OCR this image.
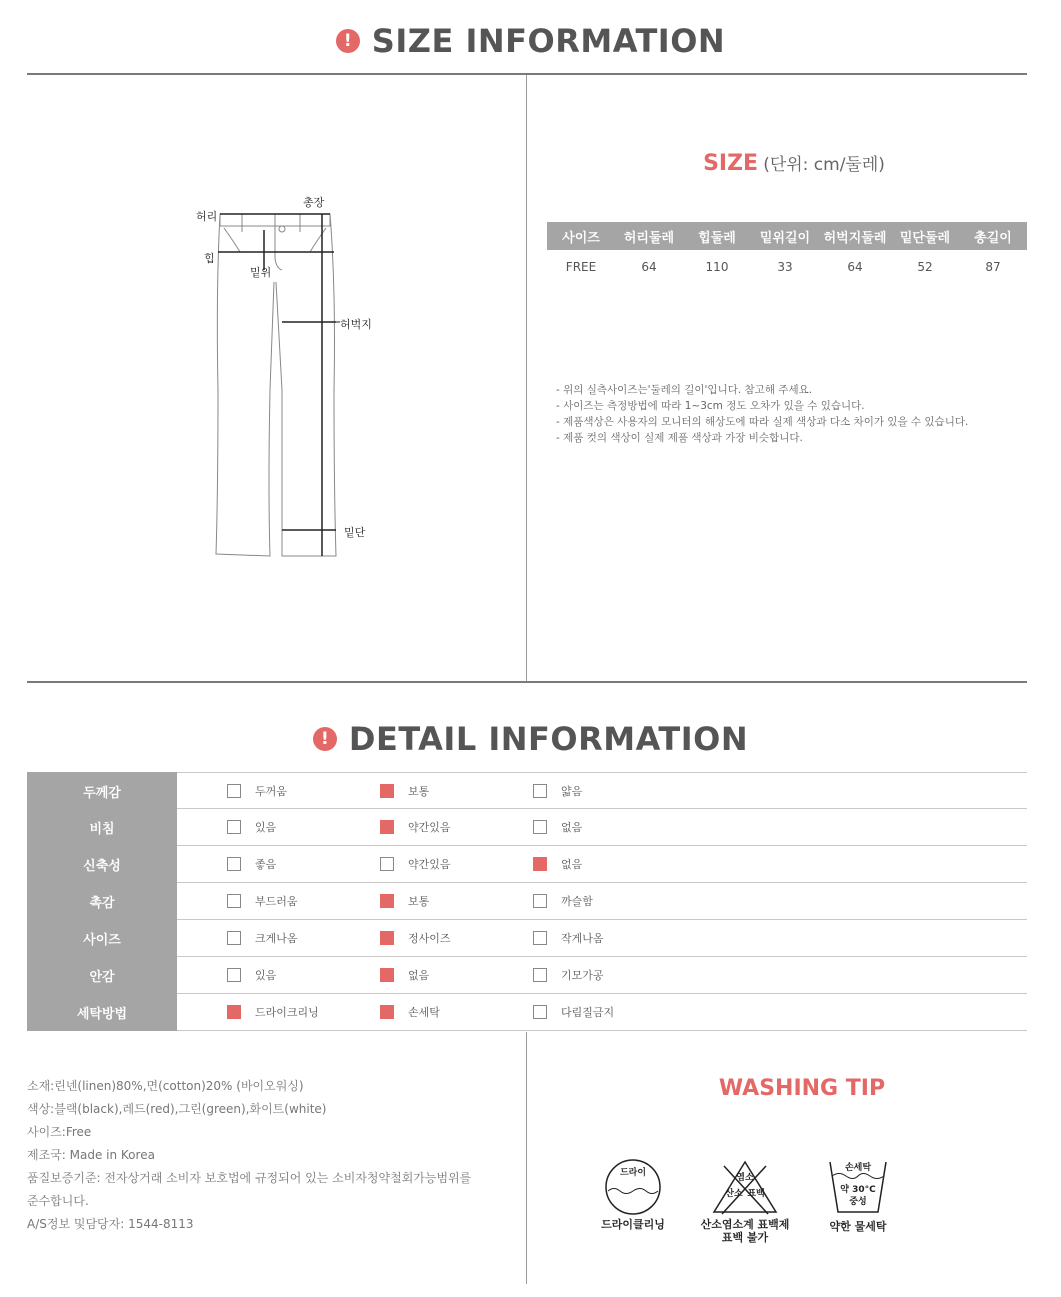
! SIZE INFORMATION
총장
허리
힙
밑위
허벅지
밑단
SIZE (단위: cm/둘레)
사이즈	허리둘레	힙둘레	밑위길이	허벅지둘레	밑단둘레	총길이
FREE	64	110	33	64	52	87
- 위의 실측사이즈는'둘레의 길이'입니다. 참고해 주세요.
- 사이즈는 측정방법에 따라 1~3cm 정도 오차가 있을 수 있습니다.
- 제품색상은 사용자의 모니터의 해상도에 따라 실제 색상과 다소 차이가 있을 수 있습니다.
- 제품 컷의 색상이 실제 제품 색상과 가장 비슷합니다.
! DETAIL INFORMATION
두께감	두꺼움	보통	얇음
비침	있음	약간있음	없음
신축성	좋음	약간있음	없음
촉감	부드러움	보통	까슬함
사이즈	크게나옴	정사이즈	작게나옴
안감	있음	없음	기모가공
세탁방법	드라이크리닝	손세탁	다림질금지
소재:린넨(linen)80%,면(cotton)20% (바이오워싱)
색상:블랙(black),레드(red),그린(green),화이트(white)
사이즈:Free
제조국: Made in Korea
품질보증기준: 전자상거래 소비자 보호법에 규정되어 있는 소비자청약철회가능범위를
준수합니다.
A/S정보 및담당자: 1544-8113
WASHING TIP
드라이
드라이클리닝
염소
산소 표백
산소염소계 표백제
표백 불가
손세탁
약 30°C
중성
약한 물세탁
